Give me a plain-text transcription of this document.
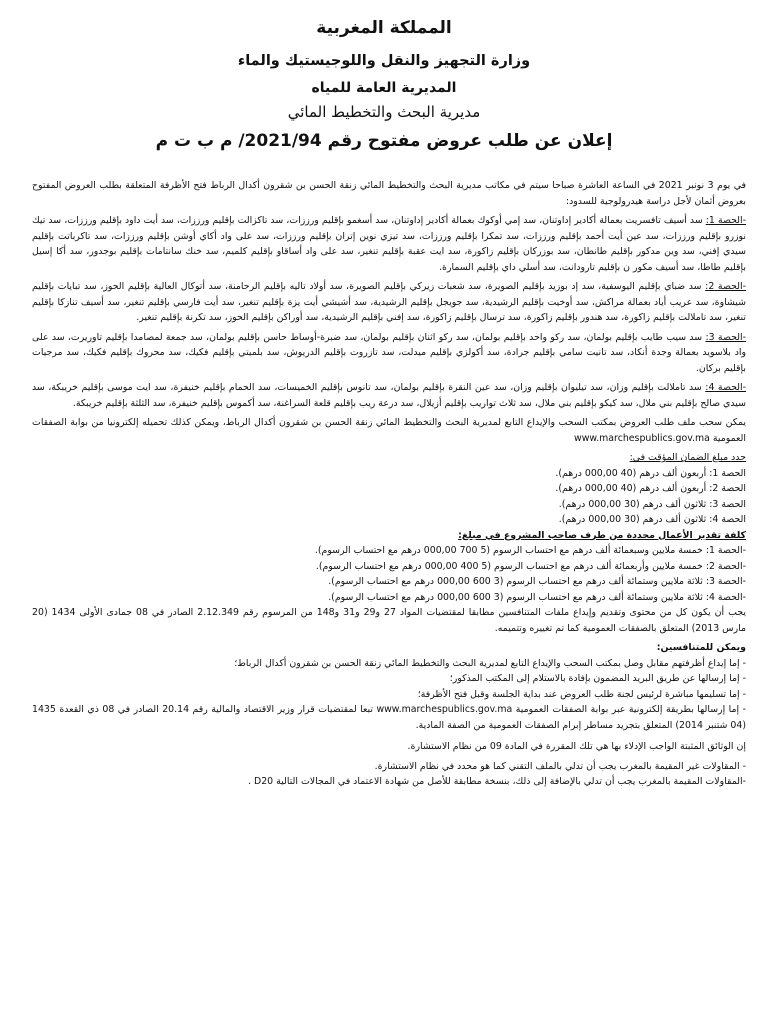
المملكة المغربية
وزارة التجهيز والنقل واللوجيستيك والماء
المديرية العامة للمياه
مديرية البحث والتخطيط المائي
إعلان عن طلب عروض مفتوح رقم 2021/94/ م ب ت م

في يوم 3 نونبر 2021 في الساعة العاشرة صباحا سيتم في مكاتب مديرية البحث والتخطيط المائي زنقة الحسن بن شقرون أكدال الرباط فتح الأظرفة المتعلقة بطلب العروض المفتوح بعروض أثمان لأجل دراسة هيدرولوجية للسدود:

-الحصة 1: سد أسيف تافسريت بعمالة أكادير إداوتنان، سد إمي أوكوك بعمالة أكادير إداوتنان، سد أسغمو بإقليم ورززات، سد تاكزالت بإقليم ورززات، سد أيت داود بإقليم ورززات، سد تيك نوزرو بإقليم ورززات، سد عين أيت أحمد بإقليم ورززات، سد تمكرا بإقليم ورززات، سد تيزي نوين إتران بإقليم ورززات، سد على واد أكاي أوشن بإقليم ورززات، سد تاكرباتت بإقليم سيدي إفني، سد وين مدكور بإقليم طانطان، سد بوزركان بإقليم زاكورة، سد ايت عقبة بإقليم تنغير، سد على واد أساقاو بإقليم كلميم، سد خنك سانتامات بإقليم بوجدور، سد أكا إسيل بإقليم طاطا، سد أسيف مكور ن بإقليم تارودانت، سد أسلي داي بإقليم السمارة.

-الحصة 2: سد ضباي بإقليم اليوسفية، سد إد بوزيد بإقليم الصويرة، سد شعبات زيركي بإقليم الصويرة، سد أولاد تاليه بإقليم الرحامنة، سد أتوكال العالية بإقليم الحوز، سد تبايات بإقليم شيشاوة، سد عريب أياد بعمالة مراكش، سد أوخيت بإقليم الرشيدية، سد جويجل بإقليم الرشيدية، سد أشيشي أيت يزة بإقليم تنغير، سد أيت فارسي بإقليم تنغير، سد أسيف تنازكا بإقليم تنغير، سد تاملالت بإقليم زاكورة، سد هندور بإقليم زاكورة، سد ترسال بإقليم زاكورة، سد إفني بإقليم الرشيدية، سد أوراكن بإقليم الحوز، سد تكرنة بإقليم تنغير.

-الحصة 3: سد سيب طايب بإقليم بولمان، سد ركو واحد بإقليم بولمان، سد ركو اثنان بإقليم بولمان، سد ضبرة-أوساط حاسن بإقليم بولمان، سد جمعة لمصامدا بإقليم تاوريرت، سد على واد بلاسويد بعمالة وجدة أنكاد، سد تانيت سامي بإقليم جرادة، سد أكولزي بإقليم ميدلت، سد تازروت بإقليم الدريوش، سد بلميتي بإقليم فكيك، سد محروك بإقليم فكيك، سد مرجيات بإقليم بركان.

-الحصة 4: سد تاملالت بإقليم وزان، سد تيليوان بإقليم وزان، سد عين النقرة بإقليم بولمان، سد تانوس بإقليم الخميسات، سد الحمام بإقليم خنيفرة، سد ايت موسى بإقليم خريبكة، سد سيدي صالح بإقليم بني ملال، سد كيكو بإقليم بني ملال، سد ثلاث تواريب بإقليم أزيلال، سد درعة ريب بإقليم قلعة السراغنة، سد أكموس بإقليم خنيفرة، سد الثلثة بإقليم خريبكة.

يمكن سحب ملف طلب العروض بمكتب السحب والإيداع التابع لمديرية البحث والتخطيط المائي زنقة الحسن بن شقرون أكدال الرباط، ويمكن كذلك تحميله إلكترونيا من بوابة الصفقات العمومية www.marchespublics.gov.ma

حدد مبلغ الضمان المؤقت في:
الحصة 1: أربعون ألف درهم (40 000,00 درهم).
الحصة 2: أربعون ألف درهم (40 000,00 درهم).
الحصة 3: ثلاثون ألف درهم (30 000,00 درهم).
الحصة 4: ثلاثون ألف درهم (30 000,00 درهم).
كلفة تقدير الأعمال محددة من طرف صاحب المشروع في مبلغ:
-الحصة 1: خمسة ملايين وسبعمائة ألف درهم مع احتساب الرسوم (5 700 000,00 درهم مع احتساب الرسوم).
-الحصة 2: خمسة ملايين وأربعمائة ألف درهم مع احتساب الرسوم (5 400 000,00 درهم مع احتساب الرسوم).
-الحصة 3: ثلاثة ملايين وستمائة ألف درهم مع احتساب الرسوم (3 600 000,00 درهم مع احتساب الرسوم).
-الحصة 4: ثلاثة ملايين وستمائة ألف درهم مع احتساب الرسوم (3 600 000,00 درهم مع احتساب الرسوم).

يجب أن يكون كل من محتوى وتقديم وإيداع ملفات المتنافسين مطابقا لمقتضيات المواد 27 و29 و31 و148 من المرسوم رقم 2.12.349 الصادر في 08 جمادى الأولى 1434 (20 مارس 2013) المتعلق بالصفقات العمومية كما تم تغييره وتتميمه.

ويمكن للمتنافسين:
- إما إيداع أظرفتهم مقابل وصل بمكتب السحب والإيداع التابع لمديرية البحث والتخطيط المائي زنقة الحسن بن شقرون أكدال الرباط؛
- إما إرسالها عن طريق البريد المضمون بإفادة بالاستلام إلى المكتب المذكور؛
- إما تسليمها مباشرة لرئيس لجنة طلب العروض عند بداية الجلسة وقبل فتح الأظرفة؛
- إما إرسالها بطريقة إلكترونية عبر بوابة الصفقات العمومية www.marchespublics.gov.ma تبعا لمقتضيات قرار وزير الاقتصاد والمالية رقم 20.14 الصادر في 08 ذي القعدة 1435 (04 شتنبر 2014) المتعلق بتجريد مساطر إبرام الصفقات العمومية من الصفة المادية.

إن الوثائق المثبتة الواجب الإدلاء بها هي تلك المقررة في المادة 09 من نظام الاستشارة.

- المقاولات غير المقيمة بالمغرب يجب أن تدلي بالملف التقني كما هو محدد في نظام الاستشارة.
-المقاولات المقيمة بالمغرب يجب أن تدلي بالإضافة إلى ذلك، بنسخة مطابقة للأصل من شهادة الاعتماد في المجالات التالية D20 .
